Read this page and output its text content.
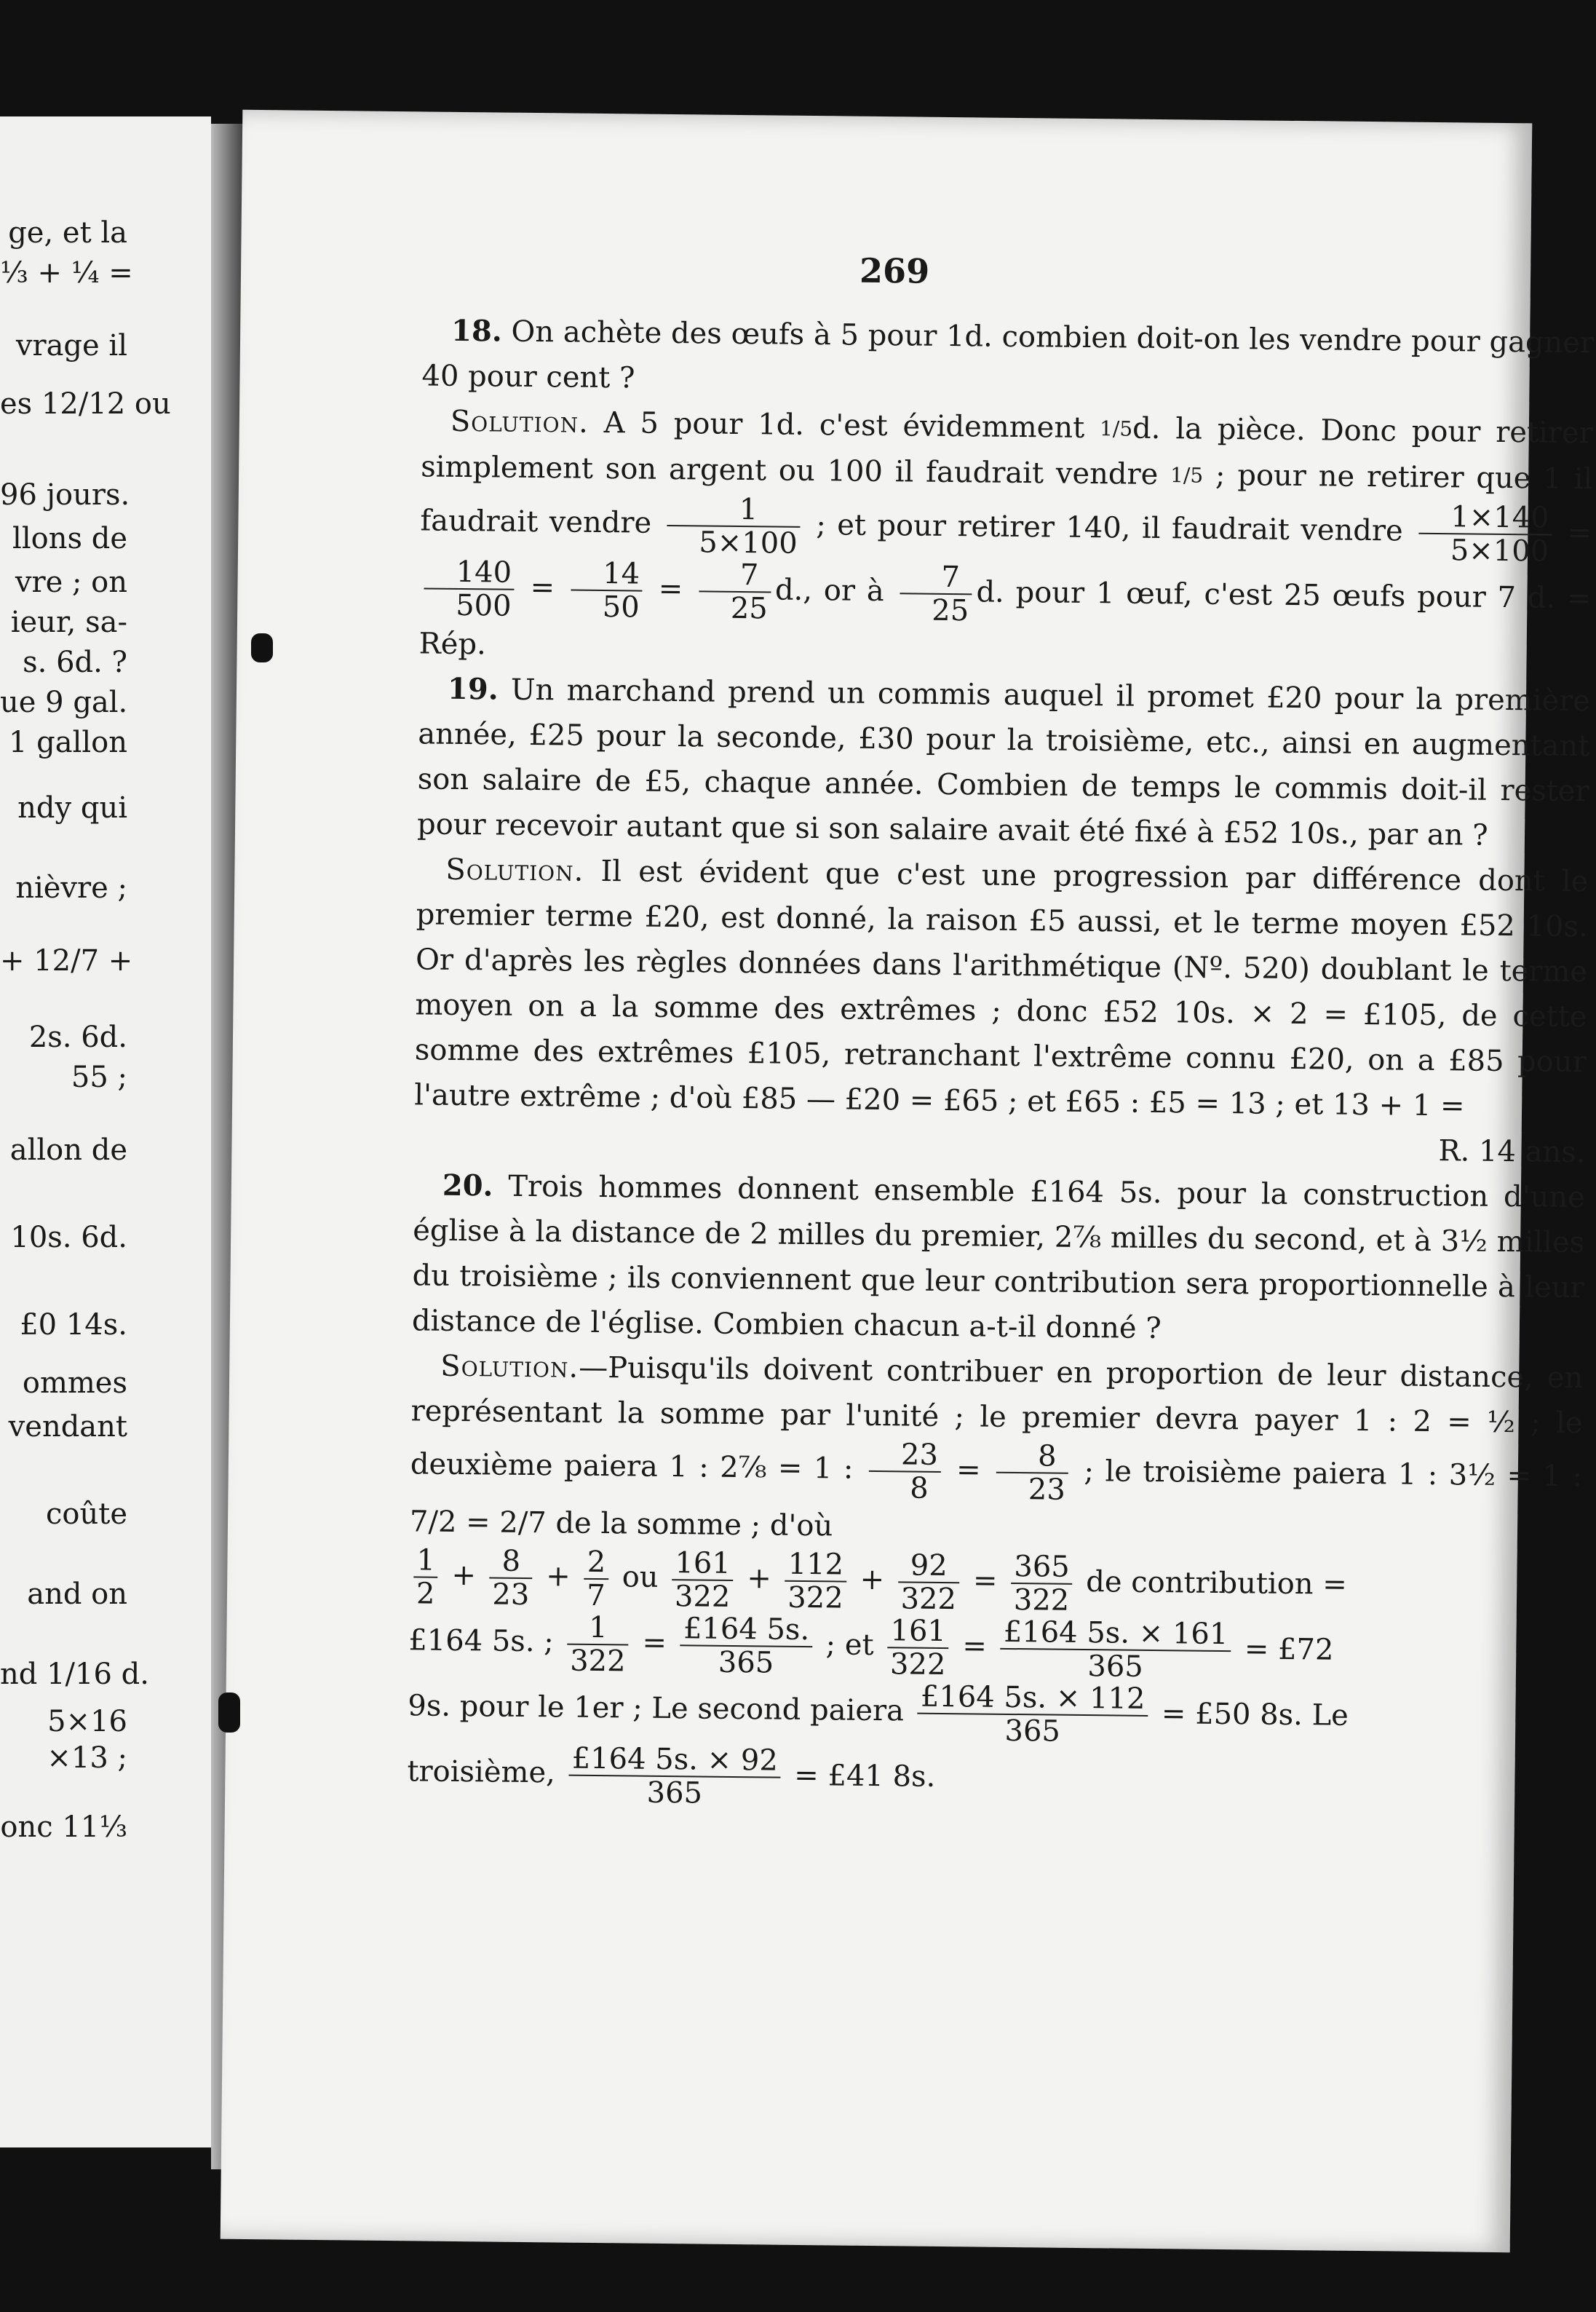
ge, et la
⅓ + ¼ =
vrage il
es 12/12 ou
96 jours.
llons de
vre ; on
ieur, sa-
s. 6d. ?
ue 9 gal.
1 gallon
ndy qui
nièvre ;
+ 12/7 +
2s. 6d.
55 ;
allon de
10s. 6d.
£0 14s.
ommes
vendant
coûte
and on
nd 1/16 d.
5×16
×13 ;
onc 11⅓
269

18. On achète des œufs à 5 pour 1d. combien doit-on les vendre pour gagner 40 pour cent ?

Solution. A 5 pour 1d. c'est évidemment 1/5d. la pièce. Donc pour retirer simplement son argent ou 100 il faudrait vendre 1/5 ; pour ne retirer que 1 il faudrait vendre $\frac{1}{5\times 100}$ ; et pour retirer 140, il faudrait vendre $\frac{1\times 140}{5\times 100}$ =
$\frac{140}{500} = \frac{14}{50} = \frac{7}{25} d$., or à $\frac{7}{25} d$. pour 1 œuf, c'est 25 œufs pour 7 d. = Rép.

19. Un marchand prend un commis auquel il promet £20 pour la première année, £25 pour la seconde, £30 pour la troisième, etc., ainsi en augmentant son salaire de £5, chaque année. Combien de temps le commis doit-il rester pour recevoir autant que si son salaire avait été fixé à £52 10s., par an ?

Solution. Il est évident que c'est une progression par différence dont le premier terme £20, est donné, la raison £5 aussi, et le terme moyen £52 10s. Or d'après les règles données dans l'arithmétique (Nº. 520) doublant le terme moyen on a la somme des extrêmes ; donc £52 10s. × 2 = £105, de cette somme des extrêmes £105, retranchant l'extrême connu £20, on a £85 pour l'autre extrême ; d'où £85 — £20 = £65 ; et £65 : £5 = 13 ; et 13 + 1 =
R. 14 ans.

20. Trois hommes donnent ensemble £164 5s. pour la construction d'une église à la distance de 2 milles du premier, 2⅞ milles du second, et à 3½ milles du troisième ; ils conviennent que leur contribution sera proportionnelle à leur distance de l'église. Combien chacun a-t-il donné ?

Solution.—Puisqu'ils doivent contribuer en proportion de leur distance, en représentant la somme par l'unité ; le premier devra payer 1 : 2 = ½ ; le deuxième paiera 1 : 2⅞ = 1 : $\frac{23}{8} = \frac{8}{23}$ ; le troisième paiera 1 : 3½ = 1 : 7/2 = 2/7 de la somme ; d'où

$\frac{1}{2} + \frac{8}{23} + \frac{2}{7}$ ou $\frac{161}{322} + \frac{112}{322} + \frac{92}{322} = \frac{365}{322}$ de contribution =

£164 5s. ; $\frac{1}{322} = \frac{£164 5s.}{365}$ ; et $\frac{161}{322} = \frac{£164 5s. \times 161}{365}$ = £72

9s. pour le 1er ; Le second paiera $\frac{£164 5s. \times 112}{365}$ = £50 8s. Le

troisième, $\frac{£164 5s. \times 92}{365}$ = £41 8s.
